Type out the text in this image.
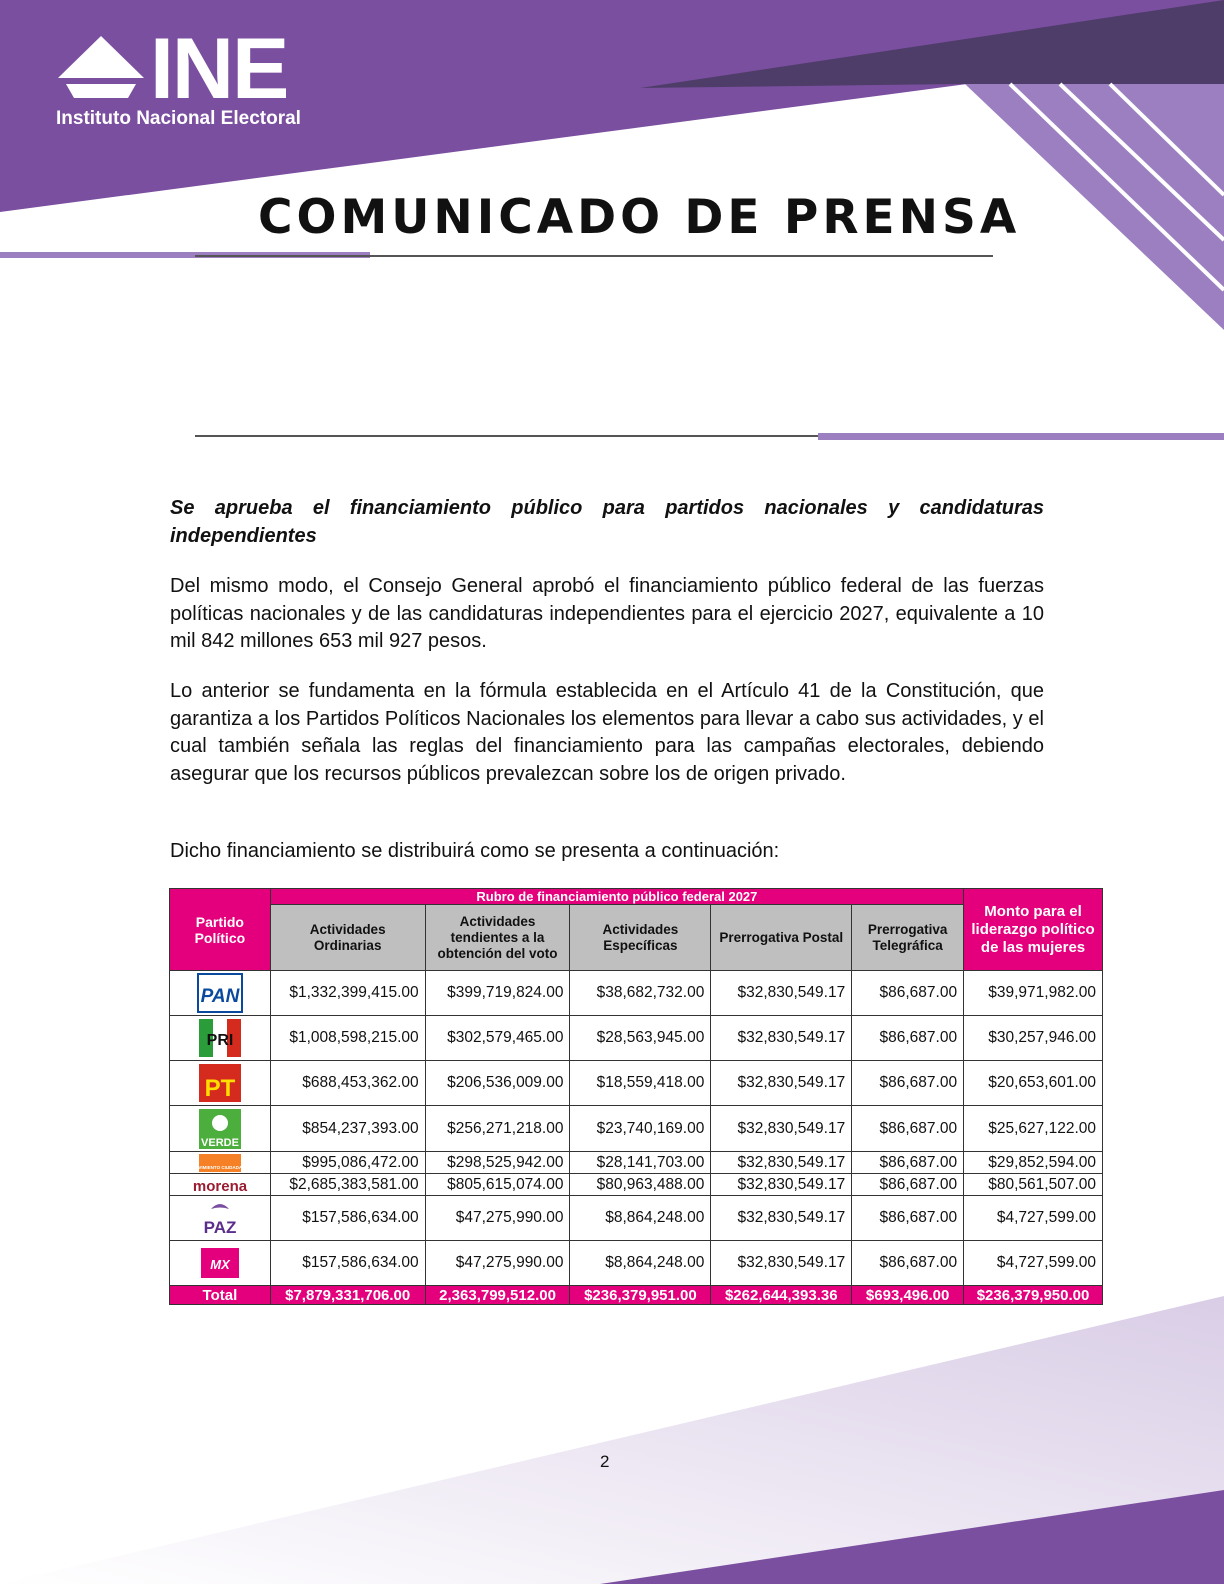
INE
Instituto Nacional Electoral
COMUNICADO DE PRENSA
Se aprueba el financiamiento público para partidos nacionales y candidaturas independientes
Del mismo modo, el Consejo General aprobó el financiamiento público federal de las fuerzas políticas nacionales y de las candidaturas independientes para el ejercicio 2027, equivalente a 10 mil 842 millones 653 mil 927 pesos.
Lo anterior se fundamenta en la fórmula establecida en el Artículo 41 de la Constitución, que garantiza a los Partidos Políticos Nacionales los elementos para llevar a cabo sus actividades, y el cual también señala las reglas del financiamiento para las campañas electorales, debiendo asegurar que los recursos públicos prevalezcan sobre los de origen privado.
Dicho financiamiento se distribuirá como se presenta a continuación:
Partido Político	Rubro de financiamiento público federal 2027					Monto para el liderazgo político de las mujeres
	Actividades Ordinarias	Actividades tendientes a la obtención del voto	Actividades Específicas	Prerrogativa Postal	Prerrogativa Telegráfica	

PAN	$1,332,399,415.00	$399,719,824.00	$38,682,732.00	$32,830,549.17	$86,687.00	$39,971,982.00

PRI	$1,008,598,215.00	$302,579,465.00	$28,563,945.00	$32,830,549.17	$86,687.00	$30,257,946.00

PT	$688,453,362.00	$206,536,009.00	$18,559,418.00	$32,830,549.17	$86,687.00	$20,653,601.00

VERDE	$854,237,393.00	$256,271,218.00	$23,740,169.00	$32,830,549.17	$86,687.00	$25,627,122.00

MOVIMIENTO CIUDADANO	$995,086,472.00	$298,525,942.00	$28,141,703.00	$32,830,549.17	$86,687.00	$29,852,594.00

morena	$2,685,383,581.00	$805,615,074.00	$80,963,488.00	$32,830,549.17	$86,687.00	$80,561,507.00

PAZ	$157,586,634.00	$47,275,990.00	$8,864,248.00	$32,830,549.17	$86,687.00	$4,727,599.00

MX	$157,586,634.00	$47,275,990.00	$8,864,248.00	$32,830,549.17	$86,687.00	$4,727,599.00
Total	$7,879,331,706.00	2,363,799,512.00	$236,379,951.00	$262,644,393.36	$693,496.00	$236,379,950.00
2
